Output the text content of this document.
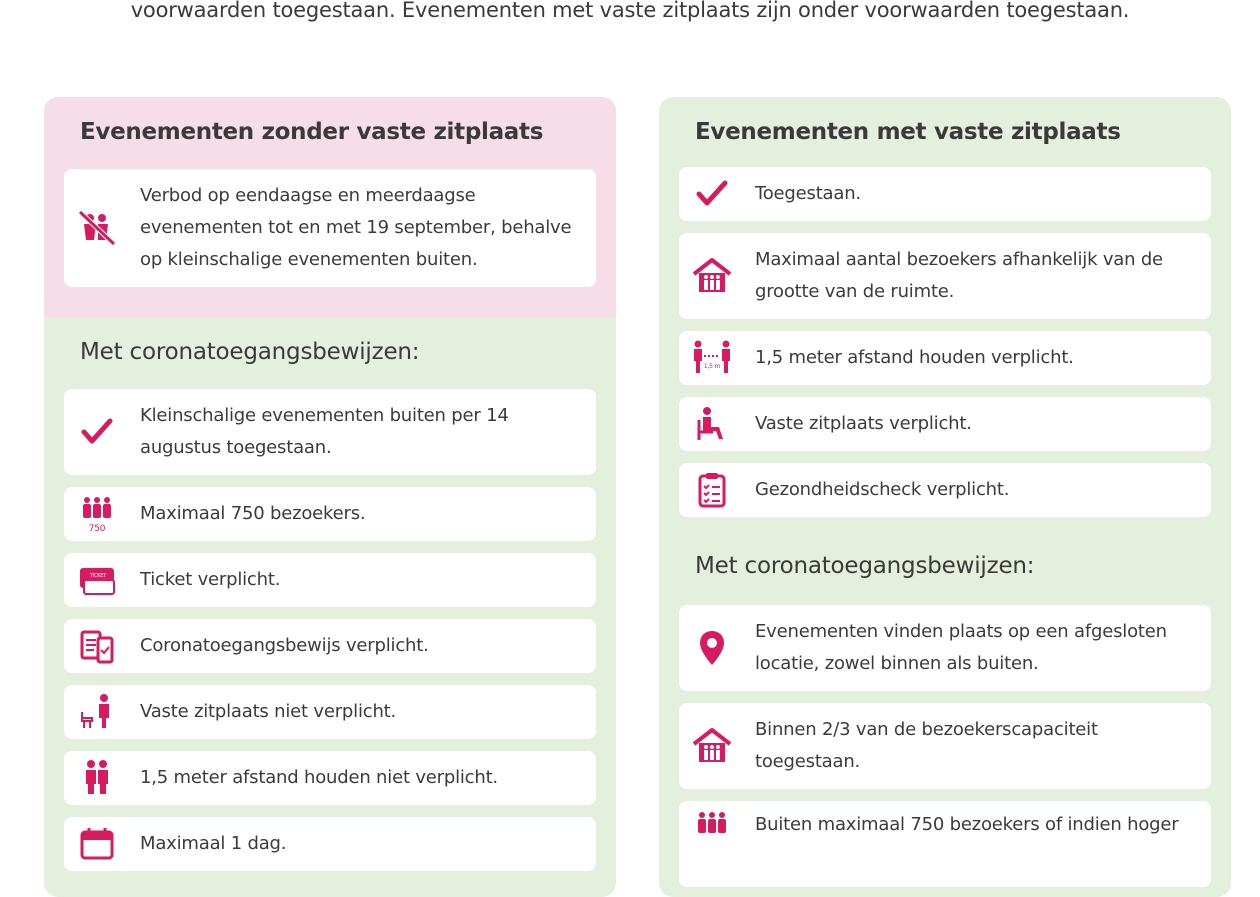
voorwaarden toegestaan. Evenementen met vaste zitplaats zijn onder voorwaarden toegestaan.
Evenementen zonder vaste zitplaats
Verbod op eendaagse en meerdaagse evenementen tot en met 19 september, behalve op kleinschalige evenementen buiten.
Met coronatoegangsbewijzen:
Kleinschalige evenementen buiten per 14 augustus toegestaan.
750
Maximaal 750 bezoekers.
TICKET Ticket verplicht.
Coronatoegangsbewijs verplicht.
Vaste zitplaats niet verplicht.
1,5 meter afstand houden niet verplicht.
Maximaal 1 dag.
Evenementen met vaste zitplaats
Toegestaan.
Maximaal aantal bezoekers afhankelijk van de grootte van de ruimte.
1,5 m 1,5 meter afstand houden verplicht.
Vaste zitplaats verplicht.
Gezondheidscheck verplicht.
Met coronatoegangsbewijzen:
Evenementen vinden plaats op een afgesloten locatie, zowel binnen als buiten.
Binnen 2/3 van de bezoekerscapaciteit toegestaan.
Buiten maximaal 750 bezoekers of indien hoger
